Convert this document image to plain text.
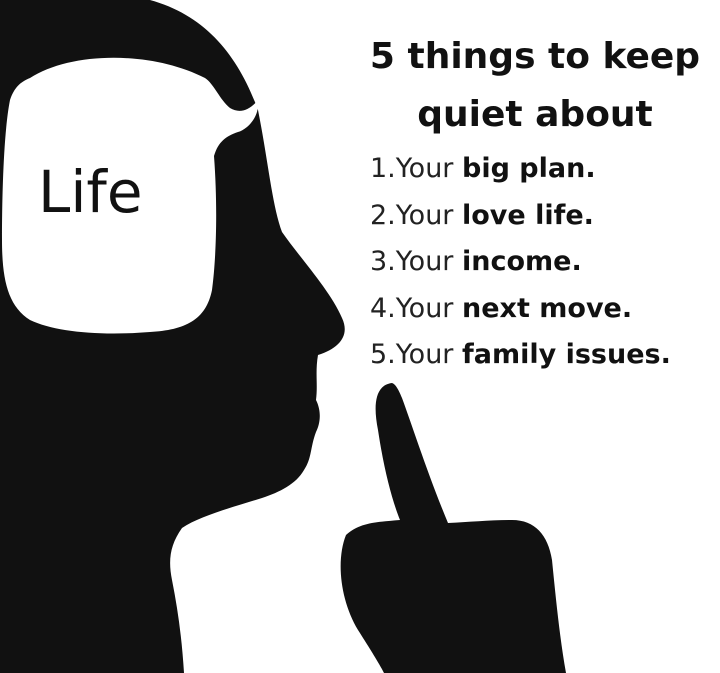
Life
5 things to keep
quiet about
1.Your big plan.
2.Your love life.
3.Your income.
4.Your next move.
5.Your family issues.
